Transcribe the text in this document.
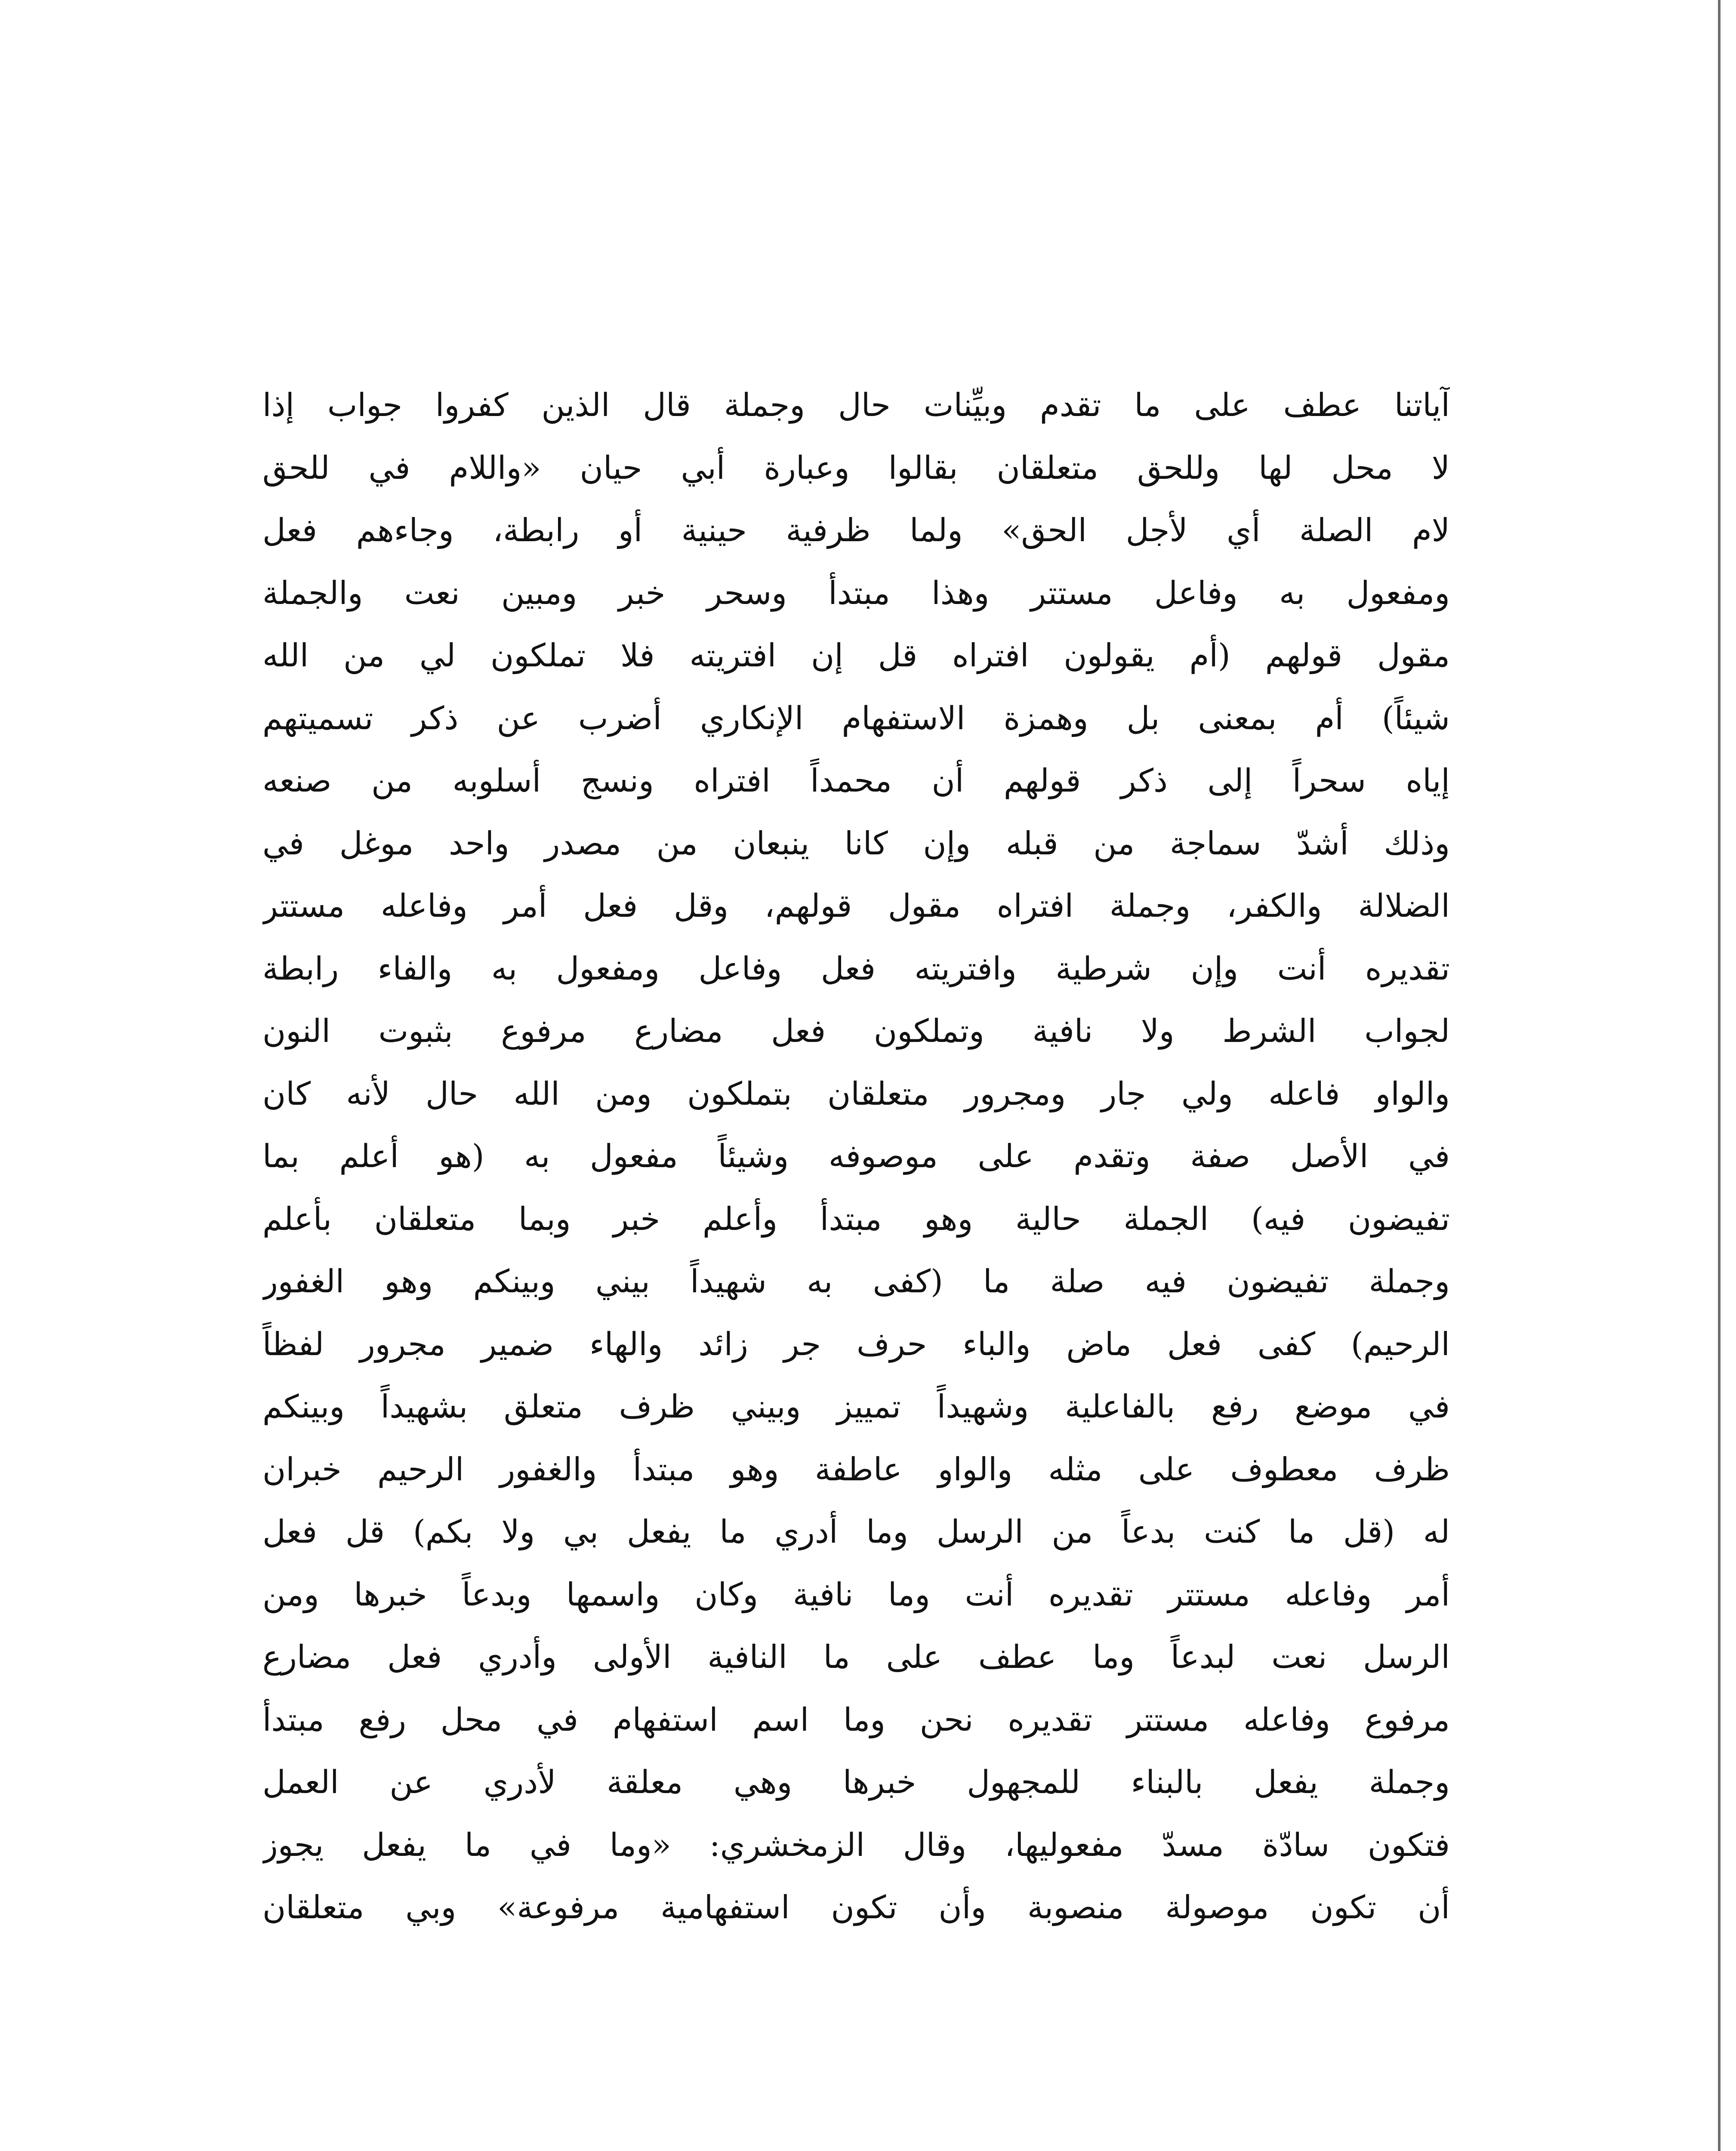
آياتنا عطف على ما تقدم وبيِّنات حال وجملة قال الذين كفروا جواب إذا
لا محل لها وللحق متعلقان بقالوا وعبارة أبي حيان «واللام في للحق
لام الصلة أي لأجل الحق» ولما ظرفية حينية أو رابطة، وجاءهم فعل
ومفعول به وفاعل مستتر وهذا مبتدأ وسحر خبر ومبين نعت والجملة
مقول قولهم (أم يقولون افتراه قل إن افتريته فلا تملكون لي من الله
شيئاً) أم بمعنى بل وهمزة الاستفهام الإنكاري أضرب عن ذكر تسميتهم
إياه سحراً إلى ذكر قولهم أن محمداً افتراه ونسج أسلوبه من صنعه
وذلك أشدّ سماجة من قبله وإن كانا ينبعان من مصدر واحد موغل في
الضلالة والكفر، وجملة افتراه مقول قولهم، وقل فعل أمر وفاعله مستتر
تقديره أنت وإن شرطية وافتريته فعل وفاعل ومفعول به والفاء رابطة
لجواب الشرط ولا نافية وتملكون فعل مضارع مرفوع بثبوت النون
والواو فاعله ولي جار ومجرور متعلقان بتملكون ومن الله حال لأنه كان
في الأصل صفة وتقدم على موصوفه وشيئاً مفعول به (هو أعلم بما
تفيضون فيه) الجملة حالية وهو مبتدأ وأعلم خبر وبما متعلقان بأعلم
وجملة تفيضون فيه صلة ما (كفى به شهيداً بيني وبينكم وهو الغفور
الرحيم) كفى فعل ماض والباء حرف جر زائد والهاء ضمير مجرور لفظاً
في موضع رفع بالفاعلية وشهيداً تمييز وبيني ظرف متعلق بشهيداً وبينكم
ظرف معطوف على مثله والواو عاطفة وهو مبتدأ والغفور الرحيم خبران
له (قل ما كنت بدعاً من الرسل وما أدري ما يفعل بي ولا بكم) قل فعل
أمر وفاعله مستتر تقديره أنت وما نافية وكان واسمها وبدعاً خبرها ومن
الرسل نعت لبدعاً وما عطف على ما النافية الأولى وأدري فعل مضارع
مرفوع وفاعله مستتر تقديره نحن وما اسم استفهام في محل رفع مبتدأ
وجملة يفعل بالبناء للمجهول خبرها وهي معلقة لأدري عن العمل
فتكون سادّة مسدّ مفعوليها، وقال الزمخشري: «وما في ما يفعل يجوز
أن تكون موصولة منصوبة وأن تكون استفهامية مرفوعة» وبي متعلقان
